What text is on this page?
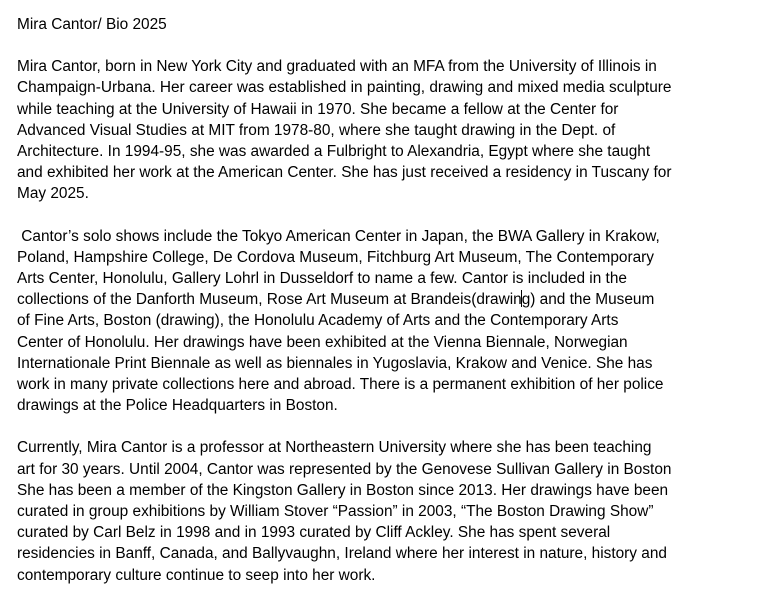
Mira Cantor/ Bio 2025
Mira Cantor, born in New York City and graduated with an MFA from the University of Illinois in
Champaign-Urbana. Her career was established in painting, drawing and mixed media sculpture
while teaching at the University of Hawaii in 1970. She became a fellow at the Center for
Advanced Visual Studies at MIT from 1978-80, where she taught drawing in the Dept. of
Architecture. In 1994-95, she was awarded a Fulbright to Alexandria, Egypt where she taught
and exhibited her work at the American Center. She has just received a residency in Tuscany for
May 2025.
Cantor’s solo shows include the Tokyo American Center in Japan, the BWA Gallery in Krakow,
Poland, Hampshire College, De Cordova Museum, Fitchburg Art Museum, The Contemporary
Arts Center, Honolulu, Gallery Lohrl in Dusseldorf to name a few. Cantor is included in the
collections of the Danforth Museum, Rose Art Museum at Brandeis(drawing) and the Museum
of Fine Arts, Boston (drawing), the Honolulu Academy of Arts and the Contemporary Arts
Center of Honolulu. Her drawings have been exhibited at the Vienna Biennale, Norwegian
Internationale Print Biennale as well as biennales in Yugoslavia, Krakow and Venice. She has
work in many private collections here and abroad. There is a permanent exhibition of her police
drawings at the Police Headquarters in Boston.
Currently, Mira Cantor is a professor at Northeastern University where she has been teaching
art for 30 years. Until 2004, Cantor was represented by the Genovese Sullivan Gallery in Boston
She has been a member of the Kingston Gallery in Boston since 2013. Her drawings have been
curated in group exhibitions by William Stover “Passion” in 2003, “The Boston Drawing Show”
curated by Carl Belz in 1998 and in 1993 curated by Cliff Ackley. She has spent several
residencies in Banff, Canada, and Ballyvaughn, Ireland where her interest in nature, history and
contemporary culture continue to seep into her work.
